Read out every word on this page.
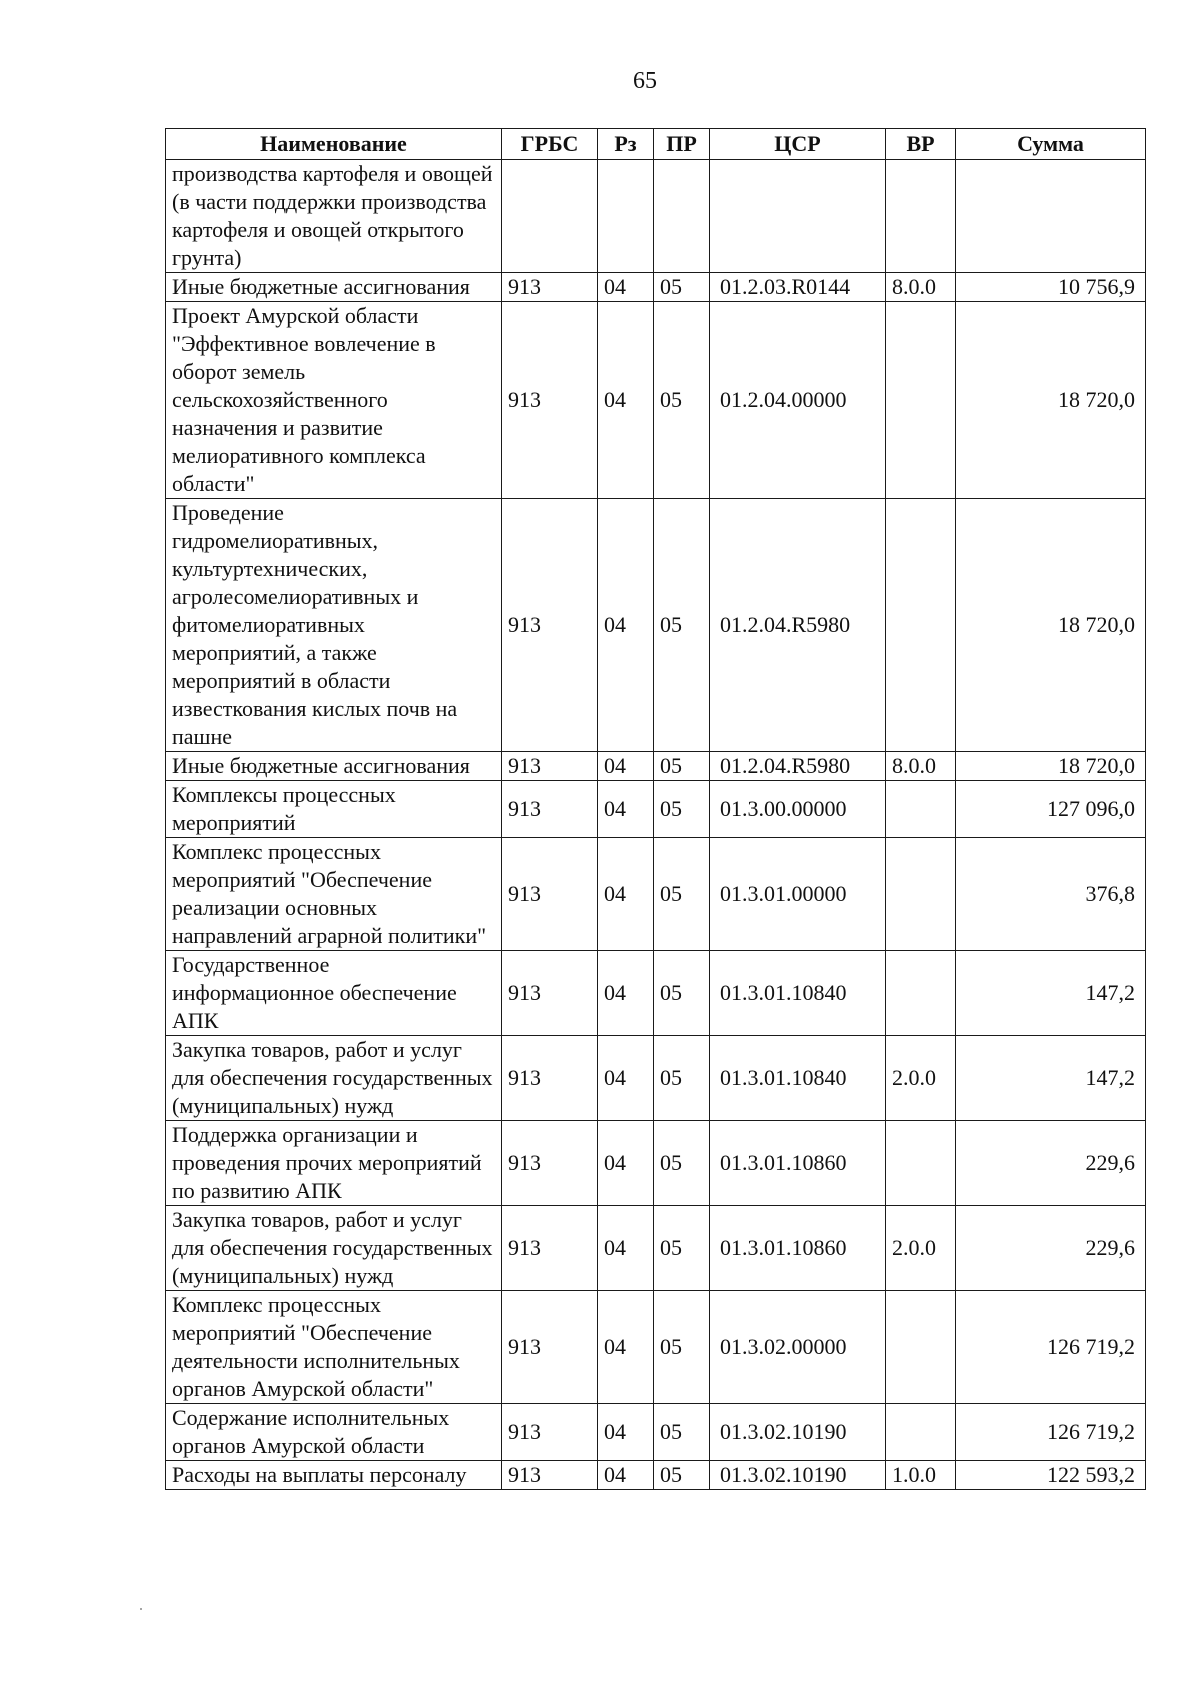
65
Наименование	ГРБС	Рз	ПР	ЦСР	ВР	Сумма
производства картофеля и овощей (в части поддержки производства картофеля и овощей открытого грунта)						
Иные бюджетные ассигнования	913	04	05	01.2.03.R0144	8.0.0	10 756,9
Проект Амурской области "Эффективное вовлечение в оборот земель сельскохозяйственного назначения и развитие мелиоративного комплекса области"	913	04	05	01.2.04.00000		18 720,0
Проведение гидромелиоративных, культуртехнических, агролесомелиоративных и фитомелиоративных мероприятий, а также мероприятий в области известкования кислых почв на пашне	913	04	05	01.2.04.R5980		18 720,0
Иные бюджетные ассигнования	913	04	05	01.2.04.R5980	8.0.0	18 720,0
Комплексы процессных мероприятий	913	04	05	01.3.00.00000		127 096,0
Комплекс процессных мероприятий "Обеспечение реализации основных направлений аграрной политики"	913	04	05	01.3.01.00000		376,8
Государственное информационное обеспечение АПК	913	04	05	01.3.01.10840		147,2
Закупка товаров, работ и услуг для обеспечения государственных (муниципальных) нужд	913	04	05	01.3.01.10840	2.0.0	147,2
Поддержка организации и проведения прочих мероприятий по развитию АПК	913	04	05	01.3.01.10860		229,6
Закупка товаров, работ и услуг для обеспечения государственных (муниципальных) нужд	913	04	05	01.3.01.10860	2.0.0	229,6
Комплекс процессных мероприятий "Обеспечение деятельности исполнительных органов Амурской области"	913	04	05	01.3.02.00000		126 719,2
Содержание исполнительных органов Амурской области	913	04	05	01.3.02.10190		126 719,2
Расходы на выплаты персоналу	913	04	05	01.3.02.10190	1.0.0	122 593,2
